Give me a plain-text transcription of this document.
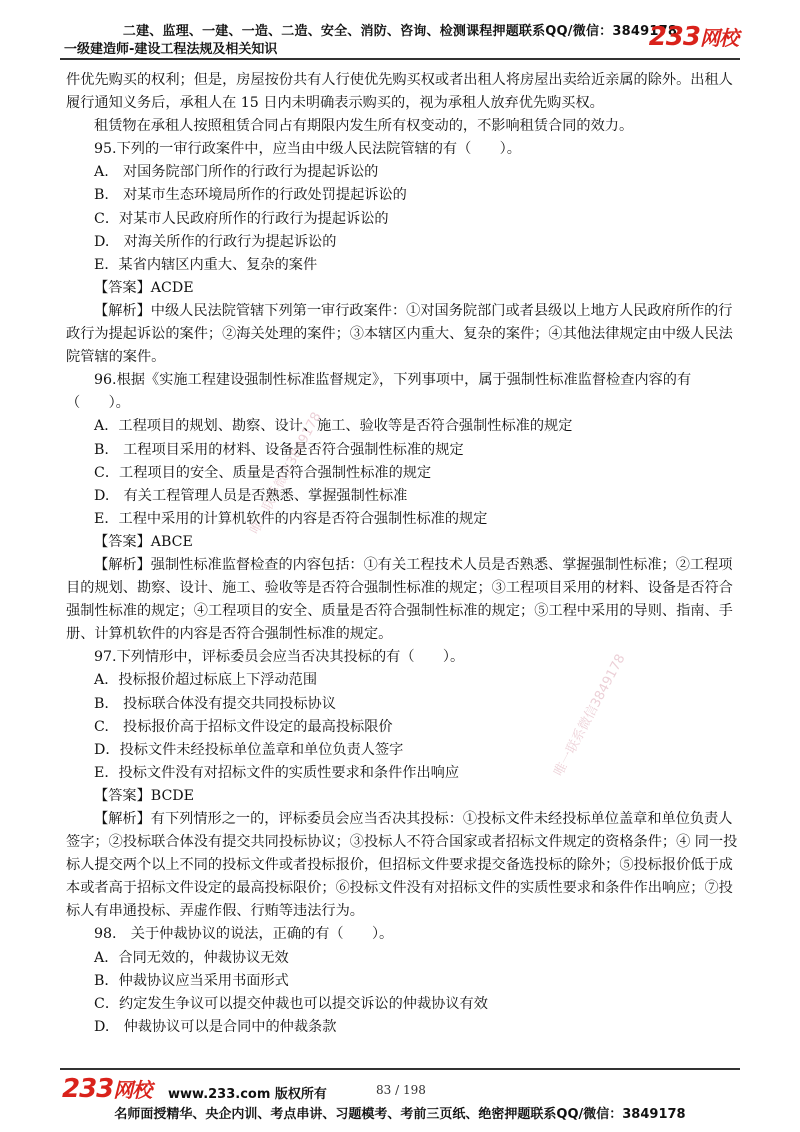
二建、监理、一建、一造、二造、安全、消防、咨询、检测课程押题联系QQ/微信：3849178
一级建造师-建设工程法规及相关知识	233网校
唯一联系微信3849178
唯一联系微信3849178

件优先购买的权利；但是，房屋按份共有人行使优先购买权或者出租人将房屋出卖给近亲属的除外。出租人履行通知义务后，承租人在 15 日内未明确表示购买的，视为承租人放弃优先购买权。

租赁物在承租人按照租赁合同占有期限内发生所有权变动的，不影响租赁合同的效力。

95.下列的一审行政案件中，应当由中级人民法院管辖的有（　　）。

A.　对国务院部门所作的行政行为提起诉讼的

B.　对某市生态环境局所作的行政处罚提起诉讼的

C．对某市人民政府所作的行政行为提起诉讼的

D.　对海关所作的行政行为提起诉讼的

E．某省内辖区内重大、复杂的案件

【答案】ACDE

【解析】中级人民法院管辖下列第一审行政案件：①对国务院部门或者县级以上地方人民政府所作的行政行为提起诉讼的案件；②海关处理的案件；③本辖区内重大、复杂的案件；④其他法律规定由中级人民法院管辖的案件。

96.根据《实施工程建设强制性标准监督规定》，下列事项中，属于强制性标准监督检查内容的有（　　）。

A．工程项目的规划、勘察、设计、施工、验收等是否符合强制性标准的规定

B.　工程项目采用的材料、设备是否符合强制性标准的规定

C．工程项目的安全、质量是否符合强制性标准的规定

D.　有关工程管理人员是否熟悉、掌握强制性标准

E．工程中采用的计算机软件的内容是否符合强制性标准的规定

【答案】ABCE

【解析】强制性标准监督检查的内容包括：①有关工程技术人员是否熟悉、掌握强制性标准；②工程项目的规划、勘察、设计、施工、验收等是否符合强制性标准的规定；③工程项目采用的材料、设备是否符合强制性标准的规定；④工程项目的安全、质量是否符合强制性标准的规定；⑤工程中采用的导则、指南、手册、计算机软件的内容是否符合强制性标准的规定。

97.下列情形中，评标委员会应当否决其投标的有（　　）。

A．投标报价超过标底上下浮动范围

B.　投标联合体没有提交共同投标协议

C.　投标报价高于招标文件设定的最高投标限价

D．投标文件未经投标单位盖章和单位负责人签字

E．投标文件没有对招标文件的实质性要求和条件作出响应

【答案】BCDE

【解析】有下列情形之一的，评标委员会应当否决其投标：①投标文件未经投标单位盖章和单位负责人签字；②投标联合体没有提交共同投标协议；③投标人不符合国家或者招标文件规定的资格条件；④ 同一投标人提交两个以上不同的投标文件或者投标报价，但招标文件要求提交备选投标的除外；⑤投标报价低于成本或者高于招标文件设定的最高投标限价；⑥投标文件没有对招标文件的实质性要求和条件作出响应；⑦投标人有串通投标、弄虚作假、行贿等违法行为。

98.　关于仲裁协议的说法，正确的有（　　）。

A．合同无效的，仲裁协议无效

B．仲裁协议应当采用书面形式

C．约定发生争议可以提交仲裁也可以提交诉讼的仲裁协议有效

D.　仲裁协议可以是合同中的仲裁条款

233网校 www.233.com 版权所有	83 / 198
名师面授精华、央企内训、考点串讲、习题模考、考前三页纸、绝密押题联系QQ/微信：3849178
